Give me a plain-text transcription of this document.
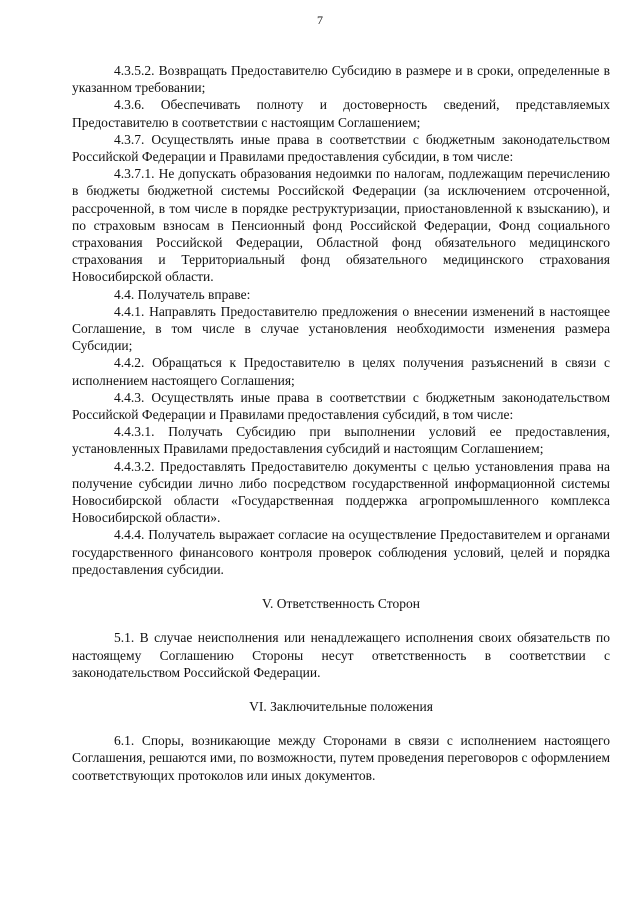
7

4.3.5.2. Возвращать Предоставителю Субсидию в размере и в сроки, определенные в указанном требовании;

4.3.6. Обеспечивать полноту и достоверность сведений, представляемых Предоставителю в соответствии с настоящим Соглашением;

4.3.7. Осуществлять иные права в соответствии с бюджетным законодательством Российской Федерации и Правилами предоставления субсидии, в том числе:

4.3.7.1. Не допускать образования недоимки по налогам, подлежащим перечислению в бюджеты бюджетной системы Российской Федерации (за исключением отсроченной, рассроченной, в том числе в порядке реструктуризации, приостановленной к взысканию), и по страховым взносам в Пенсионный фонд Российской Федерации, Фонд социального страхования Российской Федерации, Областной фонд обязательного медицинского страхования и Территориальный фонд обязательного медицинского страхования Новосибирской области.

4.4. Получатель вправе:

4.4.1. Направлять Предоставителю предложения о внесении изменений в настоящее Соглашение, в том числе в случае установления необходимости изменения размера Субсидии;

4.4.2. Обращаться к Предоставителю в целях получения разъяснений в связи с исполнением настоящего Соглашения;

4.4.3. Осуществлять иные права в соответствии с бюджетным законодательством Российской Федерации и Правилами предоставления субсидий, в том числе:

4.4.3.1. Получать Субсидию при выполнении условий ее предоставления, установленных Правилами предоставления субсидий и настоящим Соглашением;

4.4.3.2. Предоставлять Предоставителю документы с целью установления права на получение субсидии лично либо посредством государственной информационной системы Новосибирской области «Государственная поддержка агропромышленного комплекса Новосибирской области».

4.4.4. Получатель выражает согласие на осуществление Предоставителем и органами государственного финансового контроля проверок соблюдения условий, целей и порядка предоставления субсидии.

V. Ответственность Сторон

5.1. В случае неисполнения или ненадлежащего исполнения своих обязательств по настоящему Соглашению Стороны несут ответственность в соответствии с законодательством Российской Федерации.

VI. Заключительные положения

6.1. Споры, возникающие между Сторонами в связи с исполнением настоящего Соглашения, решаются ими, по возможности, путем проведения переговоров с оформлением соответствующих протоколов или иных документов.
